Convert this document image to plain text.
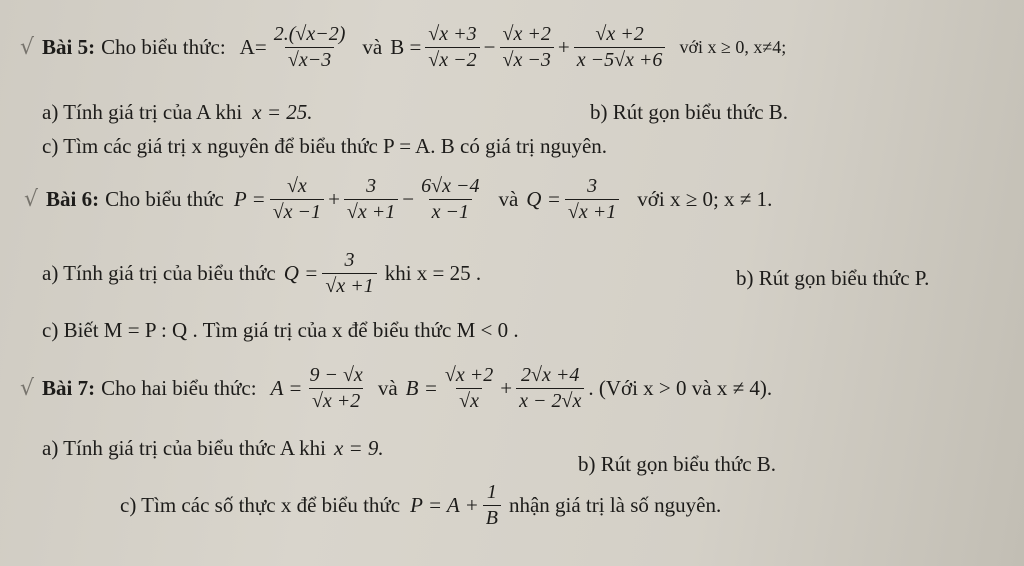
√ Bài 5: Cho biểu thức: $A= \frac{2.(√x-2)}{√x-3}$ và $B = \frac{√x +3}{√x -2} - \frac{√x +2}{√x -3} + \frac{√x +2}{x -5√x +6}$ với x ≥ 0, x≠4;
a) Tính giá trị của A khi x = 25.	b) Rút gọn biểu thức B.
c) Tìm các giá trị x nguyên để biểu thức P = A. B có giá trị nguyên.
√ Bài 6: Cho biểu thức $P = \frac{√x}{√x -1} + \frac{3}{√x +1} - \frac{6√x -4}{x -1}$ và $Q = \frac{3}{√x +1}$ với x ≥ 0; x ≠ 1.
a) Tính giá trị của biểu thức $Q = \frac{3}{√x +1}$ khi x = 25 .	b) Rút gọn biểu thức P.
c) Biết M = P : Q . Tìm giá trị của x để biểu thức M < 0 .
√ Bài 7: Cho hai biểu thức: $A = \frac{9 - √x}{√x +2}$ và $B = \frac{√x +2}{√x} + \frac{2√x +4}{x - 2√x}$ . (Với x > 0 và x ≠ 4).
a) Tính giá trị của biểu thức A khi x = 9.
b) Rút gọn biểu thức B.
c) Tìm các số thực x để biểu thức $P = A + \frac{1}{B}$ nhận giá trị là số nguyên.
